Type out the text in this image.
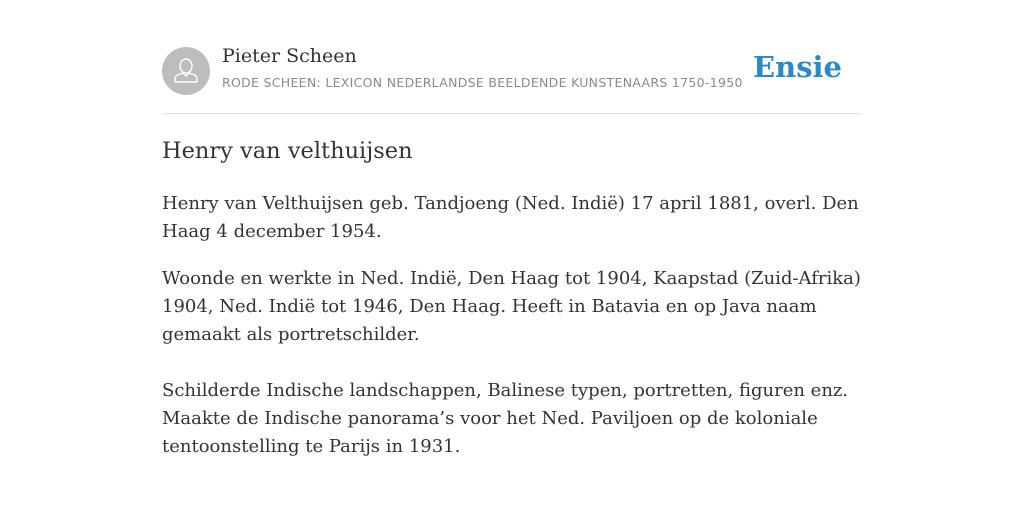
Pieter Scheen
RODE SCHEEN: LEXICON NEDERLANDSE BEELDENDE KUNSTENAARS 1750-1950 Ensie
Henry van velthuijsen

Henry van Velthuijsen geb. Tandjoeng (Ned. Indië) 17 april 1881, overl. Den Haag 4 december 1954.

Woonde en werkte in Ned. Indië, Den Haag tot 1904, Kaapstad (Zuid-Afrika) 1904, Ned. Indië tot 1946, Den Haag. Heeft in Batavia en op Java naam gemaakt als portretschilder.

Schilderde Indische landschappen, Balinese typen, portretten, figuren enz. Maakte de Indische panorama’s voor het Ned. Paviljoen op de koloniale tentoonstelling te Parijs in 1931.
